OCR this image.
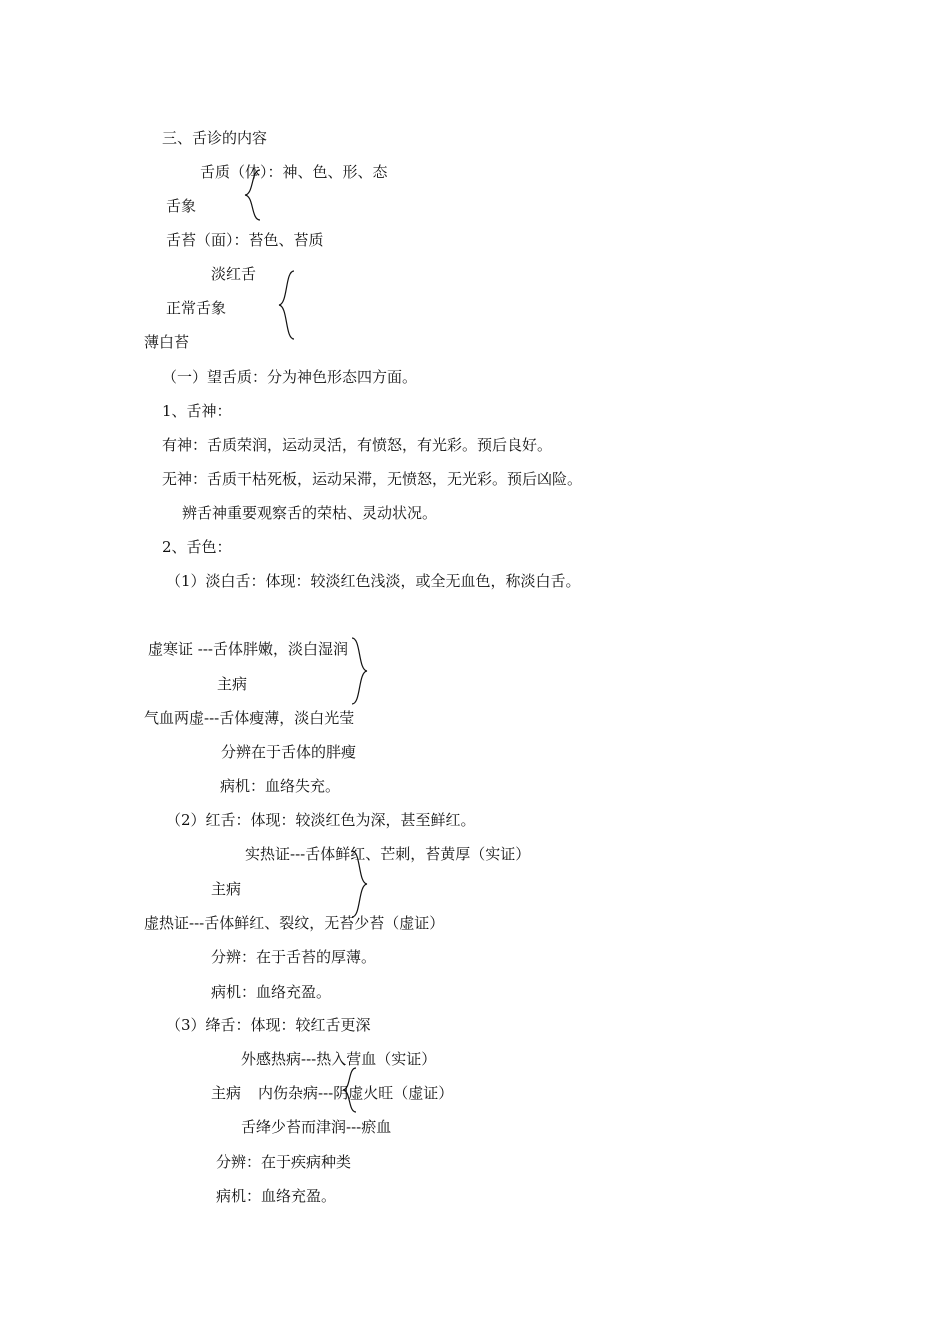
三、舌诊的内容
舌质（体）：神、色、形、态
舌象
舌苔（面）：苔色、苔质
淡红舌
正常舌象
薄白苔
（一）望舌质：分为神色形态四方面。
1、舌神：
有神：舌质荣润，运动灵活，有愤怒，有光彩。预后良好。
无神：舌质干枯死板，运动呆滞，无愤怒，无光彩。预后凶险。
辨舌神重要观察舌的荣枯、灵动状况。
2、舌色：
（1）淡白舌：体现：较淡红色浅淡，或全无血色，称淡白舌。
虚寒证 ---舌体胖嫩，淡白湿润
主病
气血两虚---舌体瘦薄，淡白光莹
分辨在于舌体的胖瘦
病机：血络失充。
（2）红舌：体现：较淡红色为深，甚至鲜红。
实热证---舌体鲜红、芒刺，苔黄厚（实证）
主病
虚热证---舌体鲜红、裂纹，无苔少苔（虚证）
分辨：在于舌苔的厚薄。
病机：血络充盈。
（3）绛舌：体现：较红舌更深
外感热病---热入营血（实证）
主病 内伤杂病---阴虚火旺（虚证）
舌绛少苔而津润---瘀血
分辨：在于疾病种类
病机：血络充盈。
